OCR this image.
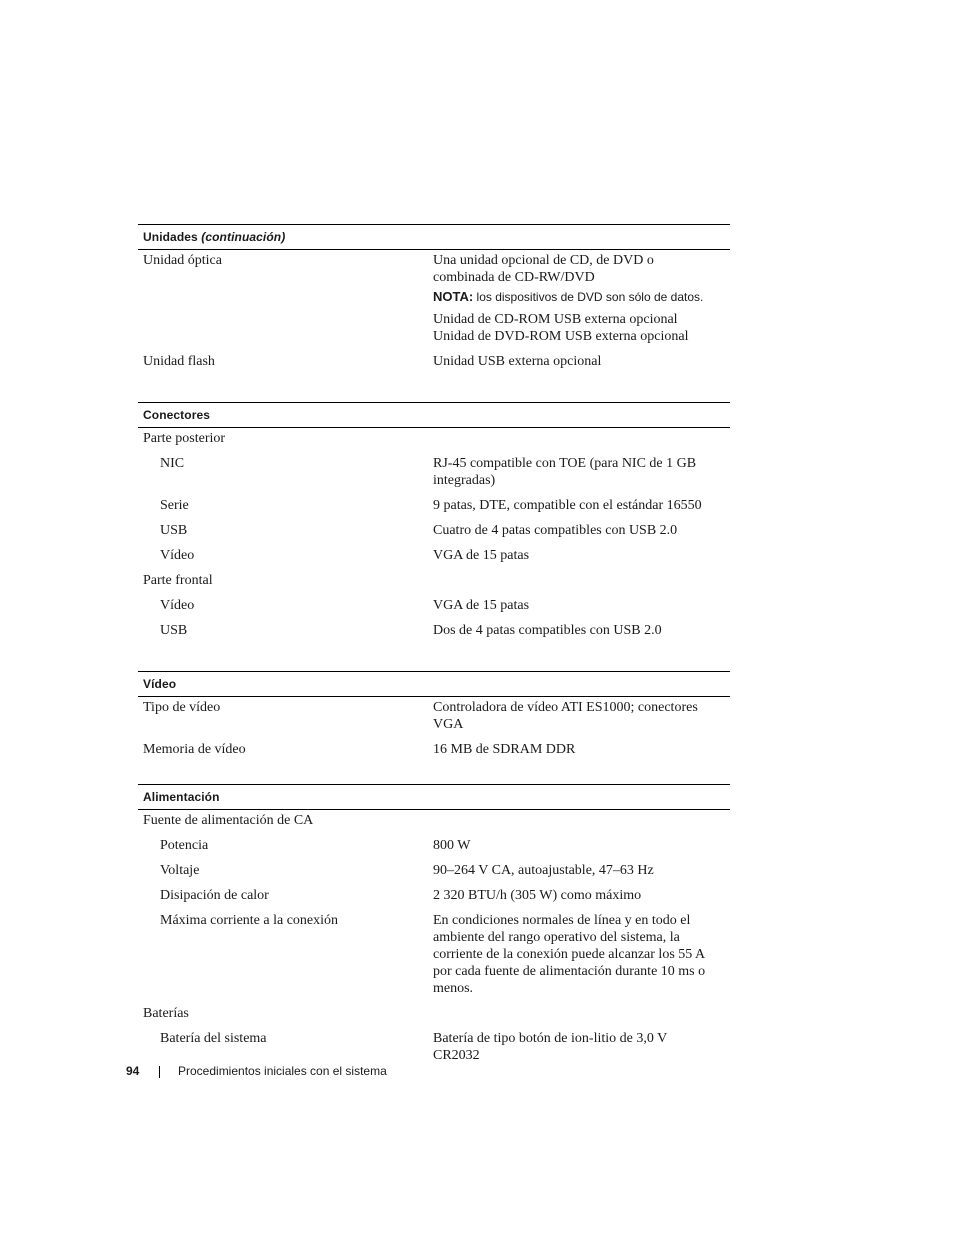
Unidades (continuación)
Unidad óptica	Una unidad opcional de CD, de DVD o combinada de CD-RW/DVD
NOTA: los dispositivos de DVD son sólo de datos.
Unidad de CD-ROM USB externa opcional
Unidad de DVD-ROM USB externa opcional
Unidad flash	Unidad USB externa opcional
Conectores
Parte posterior
NIC	RJ-45 compatible con TOE (para NIC de 1 GB integradas)
Serie	9 patas, DTE, compatible con el estándar 16550
USB	Cuatro de 4 patas compatibles con USB 2.0
Vídeo	VGA de 15 patas
Parte frontal
Vídeo	VGA de 15 patas
USB	Dos de 4 patas compatibles con USB 2.0
Vídeo
Tipo de vídeo	Controladora de vídeo ATI ES1000; conectores VGA
Memoria de vídeo	16 MB de SDRAM DDR
Alimentación
Fuente de alimentación de CA
Potencia	800 W
Voltaje	90–264 V CA, autoajustable, 47–63 Hz
Disipación de calor	2 320 BTU/h (305 W) como máximo
Máxima corriente a la conexión	En condiciones normales de línea y en todo el ambiente del rango operativo del sistema, la corriente de la conexión puede alcanzar los 55 A por cada fuente de alimentación durante 10 ms o menos.
Baterías
Batería del sistema	Batería de tipo botón de ion-litio de 3,0 V CR2032
94	Procedimientos iniciales con el sistema
